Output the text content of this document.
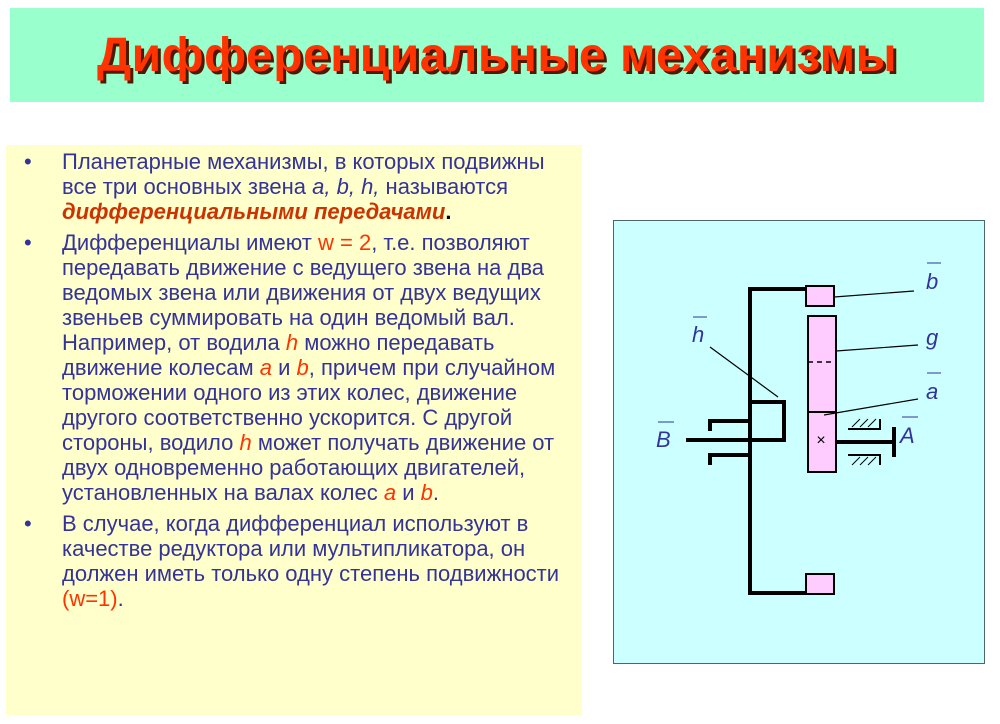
Дифференциальные механизмы
• Планетарные механизмы, в которых подвижны все три основных звена a, b, h, называются дифференциальными передачами.
• Дифференциалы имеют w = 2, т.е. позволяют передавать движение с ведущего звена на два ведомых звена или движения от двух ведущих звеньев суммировать на один ведомый вал. Например, от водила h можно передавать движение колесам a и b, причем при случайном торможении одного из этих колес, движение другого соответственно ускорится. С другой стороны, водило h может получать движение от двух одновременно работающих двигателей, установленных на валах колес a и b.
• В случае, когда дифференциал используют в качестве редуктора или мультипликатора, он должен иметь только одну степень подвижности (w=1).
×
b
g
a
h
B	A
